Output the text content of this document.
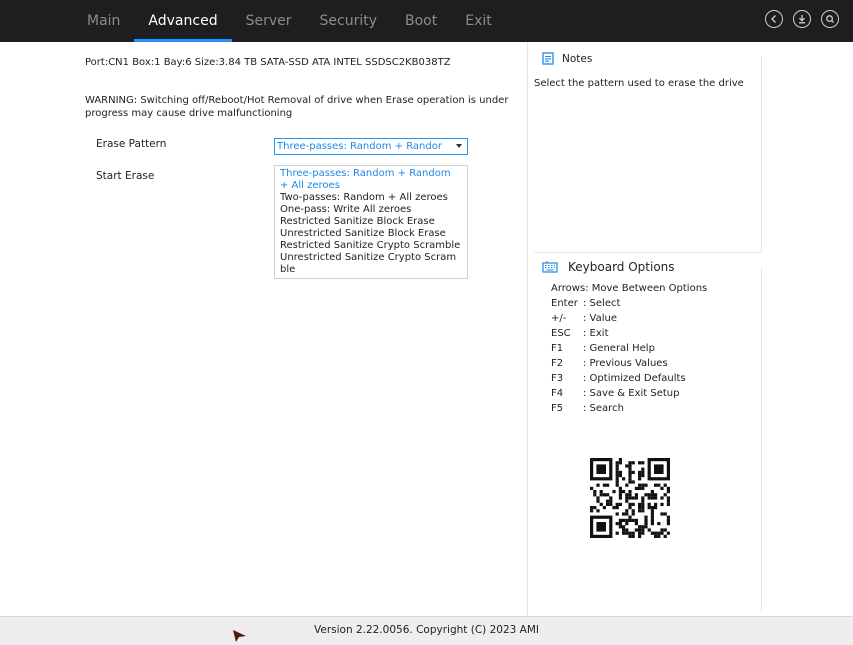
Main	Advanced	Server	Security	Boot	Exit
Port:CN1 Box:1 Bay:6 Size:3.84 TB SATA-SSD ATA INTEL SSDSC2KB038TZ
WARNING: Switching off/Reboot/Hot Removal of drive when Erase operation is under progress may cause drive malfunctioning
Erase Pattern	Three-passes: Random + Randor
Start Erase	Three-passes: Random + Random + All zeroes
Two-passes: Random + All zeroes
One-pass: Write All zeroes
Restricted Sanitize Block Erase
Unrestricted Sanitize Block Erase
Restricted Sanitize Crypto Scramble
Unrestricted Sanitize Crypto Scramble
Notes
Select the pattern used to erase the drive
Keyboard Options
Arrows : Move Between Options
Enter : Select
+/-	: Value
ESC	: Exit
F1	: General Help
F2	: Previous Values
F3	: Optimized Defaults
F4	: Save & Exit Setup
F5	: Search
Version 2.22.0056. Copyright (C) 2023 AMI
